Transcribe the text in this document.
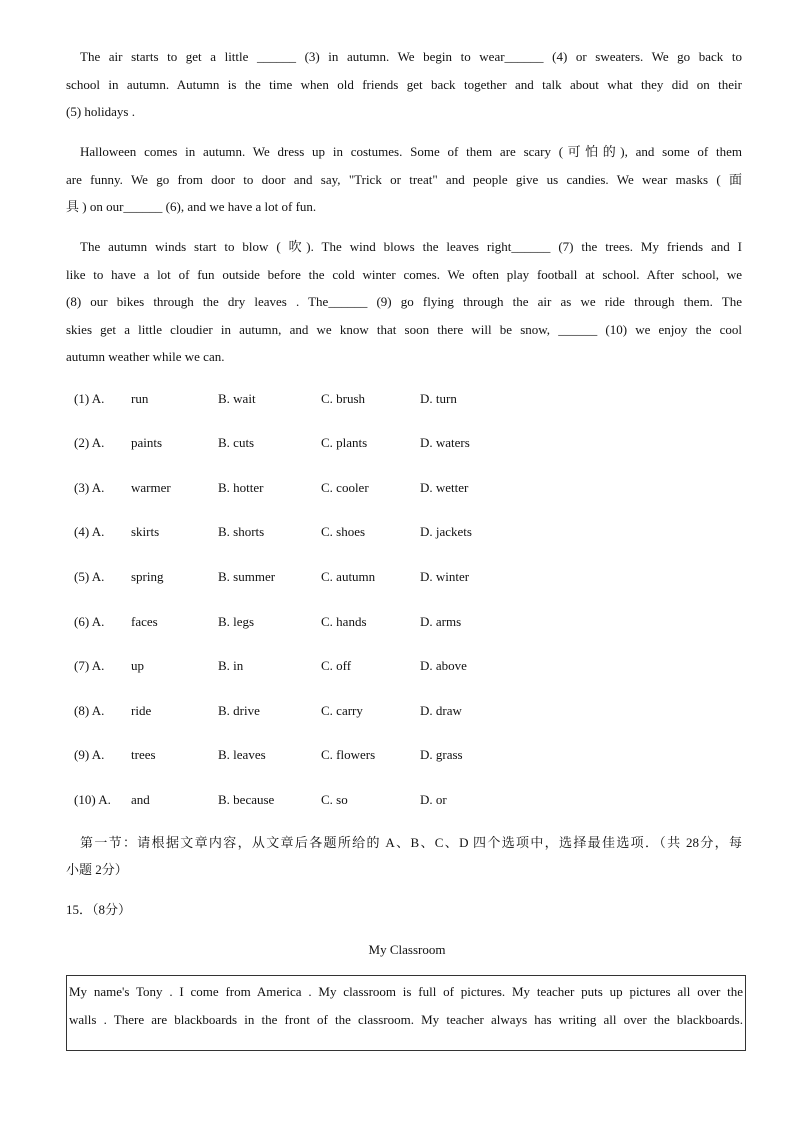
The air starts to get a little ______ (3) in autumn. We begin to wear______ (4) or sweaters. We go back to
school in autumn. Autumn is the time when old friends get back together and talk about what they did on their
(5) holidays .
Halloween comes in autumn. We dress up in costumes. Some of them are scary (可怕的), and some of them
are funny. We go from door to door and say, "Trick or treat" and people give us candies. We wear masks ( 面
具 ) on our______ (6), and we have a lot of fun.
The autumn winds start to blow ( 吹). The wind blows the leaves right______ (7) the trees. My friends and I
like to have a lot of fun outside before the cold winter comes. We often play football at school. After school, we
(8) our bikes through the dry leaves . The______ (9) go flying through the air as we ride through them. The
skies get a little cloudier in autumn, and we know that soon there will be snow, ______ (10) we enjoy the cool
autumn weather while we can.
(1) A. run	B. wait	C. brush	D. turn
(2) A. paints	B. cuts	C. plants	D. waters
(3) A. warmer	B. hotter	C. cooler	D. wetter
(4) A. skirts	B. shorts	C. shoes	D. jackets
(5) A. spring	B. summer	C. autumn	D. winter
(6) A. faces	B. legs	C. hands	D. arms
(7) A. up	B. in	C. off	D. above
(8) A. ride	B. drive	C. carry	D. draw
(9) A. trees	B. leaves	C. flowers	D. grass
(10) A. and	B. because	C. so	D. or
第一节：请根据文章内容，从文章后各题所给的 A、B、C、D 四个选项中，选择最佳选项．（共 28分，每
小题 2分）
15．（8分）
My Classroom
My name's Tony . I come from America . My classroom is full of pictures. My teacher puts up pictures all over the
walls . There are blackboards in the front of the classroom. My teacher always has writing all over the blackboards.
